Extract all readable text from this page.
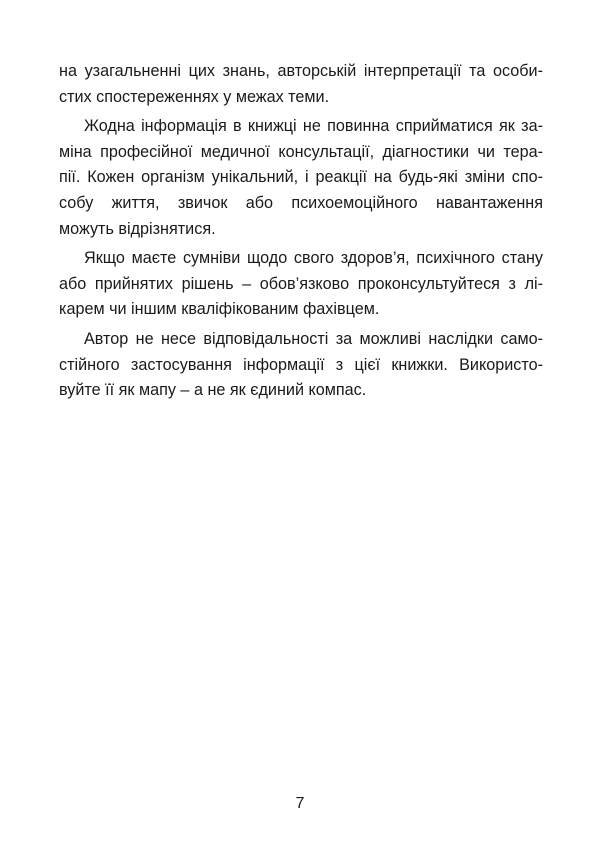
на узагальненні цих знань, авторській інтерпретації та особи-
стих спостереженнях у межах теми.
Жодна інформація в книжці не повинна сприйматися як за-
міна професійної медичної консультації, діагностики чи тера-
пії. Кожен організм унікальний, і реакції на будь-які зміни спо-
собу життя, звичок або психоемоційного навантаження
можуть відрізнятися.
Якщо маєте сумніви щодо свого здоров’я, психічного стану
або прийнятих рішень – обов’язково проконсультуйтеся з лі-
карем чи іншим кваліфікованим фахівцем.
Автор не несе відповідальності за можливі наслідки само-
стійного застосування інформації з цієї книжки. Використо-
вуйте її як мапу – а не як єдиний компас.
7
